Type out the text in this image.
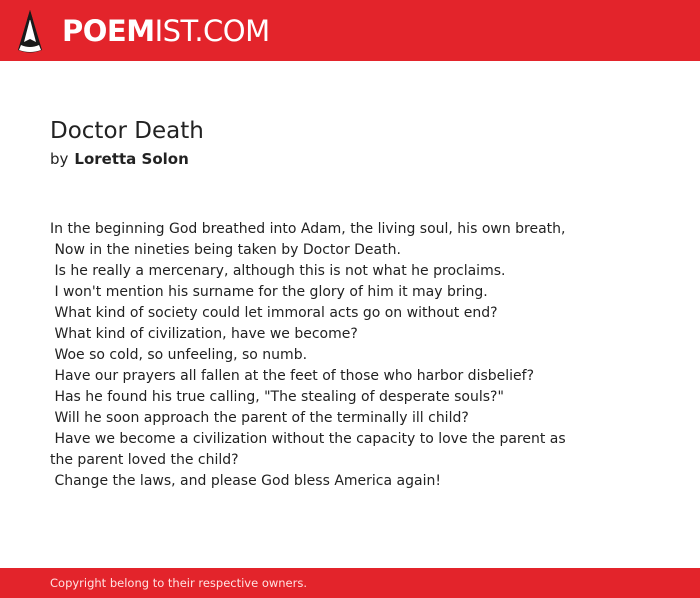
POEMIST.COM
Doctor Death
by Loretta Solon
In the beginning God breathed into Adam, the living soul, his own breath,
Now in the nineties being taken by Doctor Death.
Is he really a mercenary, although this is not what he proclaims.
I won't mention his surname for the glory of him it may bring.
What kind of society could let immoral acts go on without end?
What kind of civilization, have we become?
Woe so cold, so unfeeling, so numb.
Have our prayers all fallen at the feet of those who harbor disbelief?
Has he found his true calling, "The stealing of desperate souls?"
Will he soon approach the parent of the terminally ill child?
Have we become a civilization without the capacity to love the parent as
the parent loved the child?
Change the laws, and please God bless America again!
Copyright belong to their respective owners.
